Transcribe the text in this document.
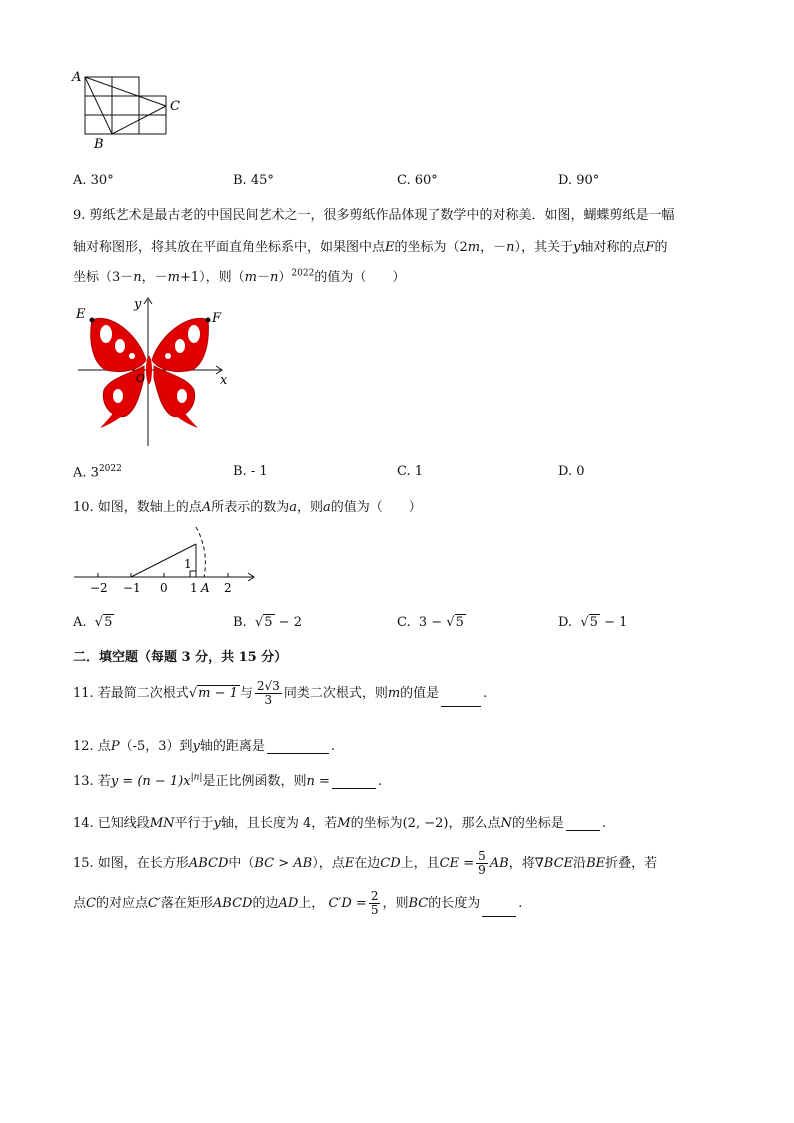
A
C
B
A. 30°	B. 45°	C. 60°	D. 90°
9. 剪纸艺术是最古老的中国民间艺术之一，很多剪纸作品体现了数学中的对称美．如图，蝴蝶剪纸是一幅
轴对称图形，将其放在平面直角坐标系中，如果图中点E的坐标为（2m，－n），其关于y轴对称的点F的
坐标（3－n，－m+1），则$(m-n)^{2022}$的值为（　　）
E	F
y
x
O
A. $3^{2022}$	B. - 1	C. 1	D. 0
10. 如图，数轴上的点A所表示的数为a，则a的值为（　　）
−2 −1 0 1 2
1
A
A.  √5	B.  √5 − 2	C. 3 − √5	D.  √5 − 1
二．填空题（每题 3 分，共 15 分）
11. 若最简二次根式√m − 1 与 $\frac{2√3}{3}$ 同类二次根式，则m的值是	.
12. 点P（-5，3）到y轴的距离是	.
13. 若$y = (n - 1)x^{|n|}$是正比例函数，则n =	.
14. 已知线段MN平行于y轴，且长度为 4，若M的坐标为(2, −2)，那么点N的坐标是	.
15. 如图，在长方形ABCD中（BC > AB），点E在边CD上，且CE = $\frac{5}{9}$ AB，将∇BCE沿BE折叠，若
点C的对应点C′落在矩形ABCD的边AD上， $C'D = \frac{2}{5}$ ，则BC的长度为	.
